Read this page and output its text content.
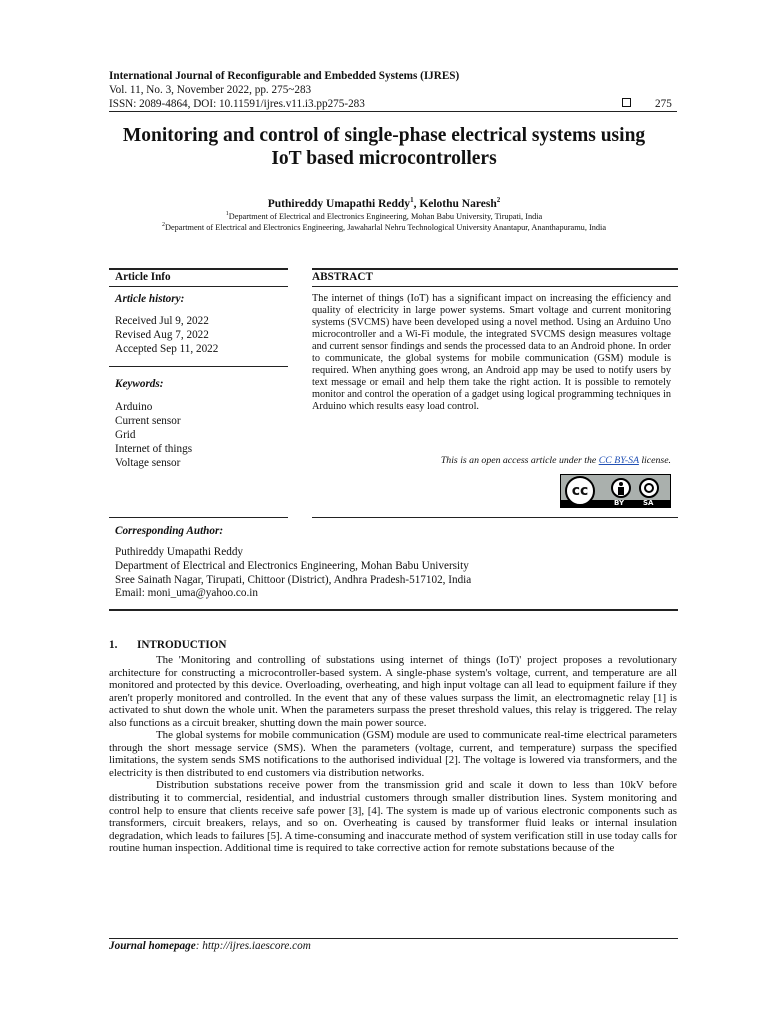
International Journal of Reconfigurable and Embedded Systems (IJRES)
Vol. 11, No. 3, November 2022, pp. 275~283
ISSN: 2089-4864, DOI: 10.11591/ijres.v11.i3.pp275-283	275
Monitoring and control of single-phase electrical systems using
IoT based microcontrollers
Puthireddy Umapathi Reddy$^1$, Kelothu Naresh$^2$
$^1$Department of Electrical and Electronics Engineering, Mohan Babu University, Tirupati, India
$^2$Department of Electrical and Electronics Engineering, Jawaharlal Nehru Technological University Anantapur, Ananthapuramu, India
Article Info
Article history:
Received Jul 9, 2022
Revised Aug 7, 2022
Accepted Sep 11, 2022
Keywords:
Arduino
Current sensor
Grid
Internet of things
Voltage sensor
ABSTRACT
The internet of things (IoT) has a significant impact on increasing the efficiency and quality of electricity in large power systems. Smart voltage and current monitoring systems (SVCMS) have been developed using a novel method. Using an Arduino Uno microcontroller and a Wi-Fi module, the integrated SVCMS design measures voltage and current sensor findings and sends the processed data to an Android phone. In order to communicate, the global systems for mobile communication (GSM) module is required. When anything goes wrong, an Android app may be used to notify users by text message or email and help them take the right action. It is possible to remotely monitor and control the operation of a gadget using logical programming techniques in Arduino which results easy load control.
This is an open access article under the CC BY-SA license.
cc
BY	SA
Corresponding Author:
Puthireddy Umapathi Reddy
Department of Electrical and Electronics Engineering, Mohan Babu University
Sree Sainath Nagar, Tirupati, Chittoor (District), Andhra Pradesh-517102, India
Email: moni_uma@yahoo.co.in
1.       INTRODUCTION

The 'Monitoring and controlling of substations using internet of things (IoT)' project proposes a revolutionary architecture for constructing a microcontroller-based system. A single-phase system's voltage, current, and temperature are all monitored and protected by this device. Overloading, overheating, and high input voltage can all lead to equipment failure if they aren't properly monitored and controlled. In the event that any of these values surpass the limit, an electromagnetic relay [1] is activated to shut down the whole unit. When the parameters surpass the preset threshold values, this relay is triggered. The relay also functions as a circuit breaker, shutting down the main power source.

The global systems for mobile communication (GSM) module are used to communicate real-time electrical parameters through the short message service (SMS). When the parameters (voltage, current, and temperature) surpass the specified limitations, the system sends SMS notifications to the authorised individual [2]. The voltage is lowered via transformers, and the electricity is then distributed to end customers via distribution networks.

Distribution substations receive power from the transmission grid and scale it down to less than 10kV before distributing it to commercial, residential, and industrial customers through smaller distribution lines. System monitoring and control help to ensure that clients receive safe power [3], [4]. The system is made up of various electronic components such as transformers, circuit breakers, relays, and so on. Overheating is caused by transformer fluid leaks or internal insulation degradation, which leads to failures [5]. A time-consuming and inaccurate method of system verification still in use today calls for routine human inspection. Additional time is required to take corrective action for remote substations because of the

Journal homepage: http://ijres.iaescore.com
